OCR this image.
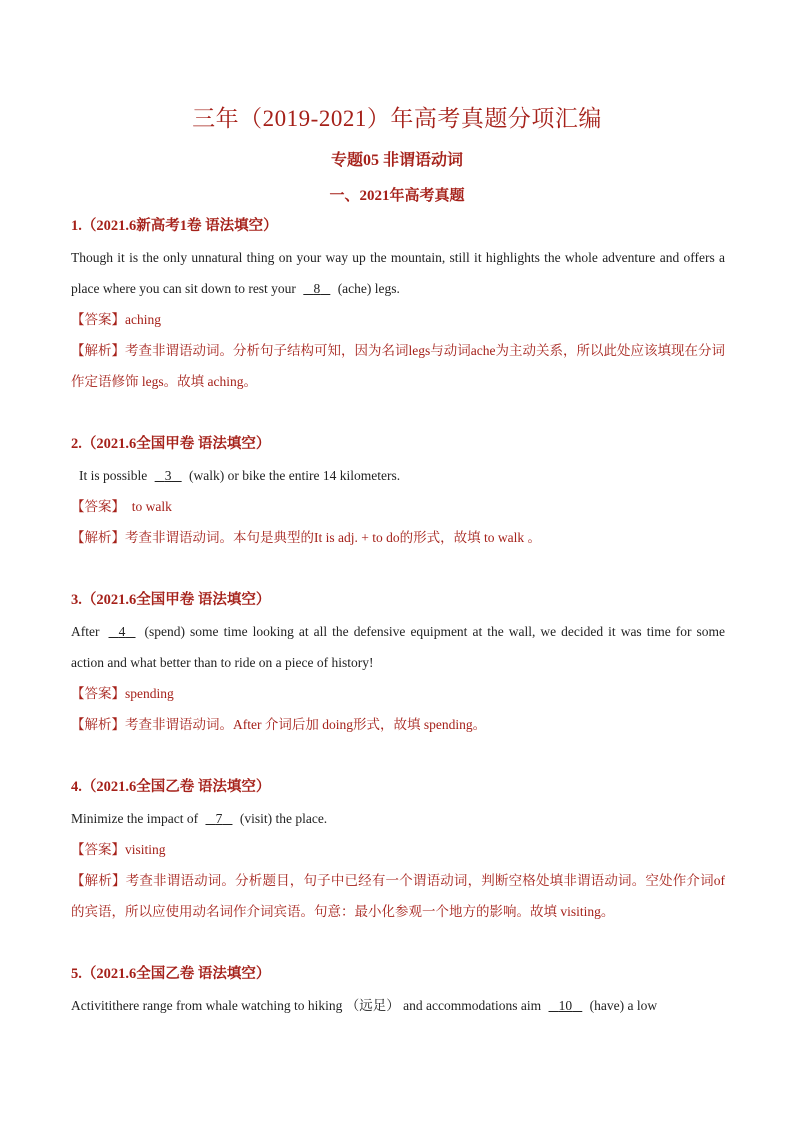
三年（2019-2021）年高考真题分项汇编
专题05 非谓语动词
一、2021年高考真题
1.（2021.6新高考1卷 语法填空）
Though it is the only unnatural thing on your way up the mountain, still it highlights the whole adventure and offers a place where you can sit down to rest your    8    (ache) legs.
【答案】aching
【解析】考查非谓语动词。分析句子结构可知，因为名词legs与动词ache为主动关系，所以此处应该填现在分词作定语修饰 legs。故填 aching。
2.（2021.6全国甲卷 语法填空）
It is possible    3    (walk) or bike the entire 14 kilometers.
【答案】 to walk
【解析】考查非谓语动词。本句是典型的It is adj. + to do的形式，故填 to walk 。
3.（2021.6全国甲卷 语法填空）
After    4    (spend) some time looking at all the defensive equipment at the wall, we decided it was time for some action and what better than to ride on a piece of history!
【答案】spending
【解析】考查非谓语动词。After 介词后加 doing形式，故填 spending。
4.（2021.6全国乙卷 语法填空）
Minimize the impact of    7    (visit) the place.
【答案】visiting
【解析】考查非谓语动词。分析题目，句子中已经有一个谓语动词，判断空格处填非谓语动词。空处作介词of的宾语，所以应使用动名词作介词宾语。句意：最小化参观一个地方的影响。故填 visiting。
5.（2021.6全国乙卷 语法填空）
Activitithere range from whale watching to hiking （远足） and accommodations aim    10    (have) a low
